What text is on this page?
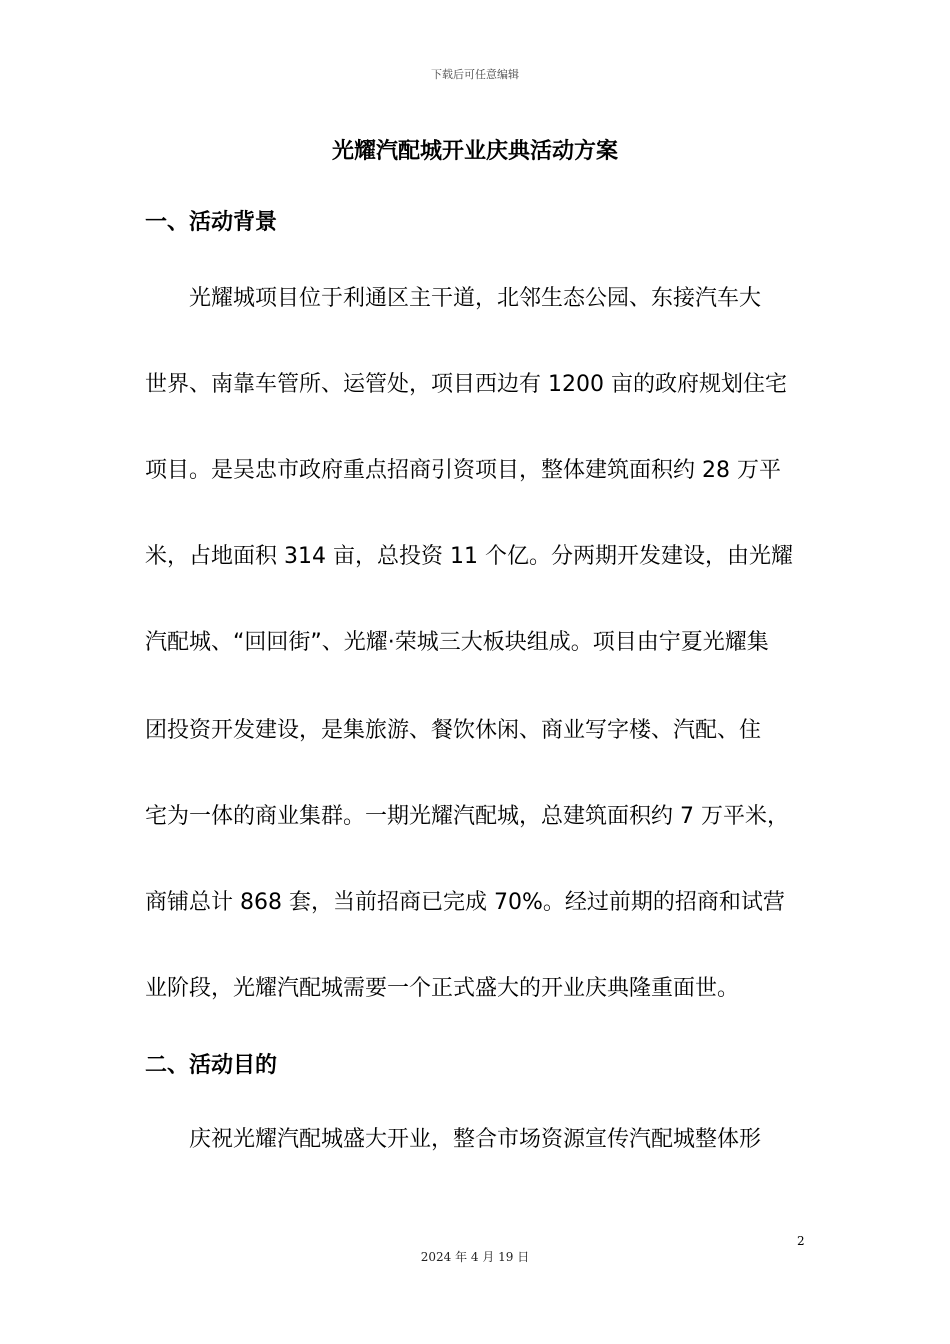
下载后可任意编辑
光耀汽配城开业庆典活动方案
一、活动背景

光耀城项目位于利通区主干道，北邻生态公园、东接汽车大

世界、南靠车管所、运管处，项目西边有 1200 亩的政府规划住宅

项目。是吴忠市政府重点招商引资项目，整体建筑面积约 28 万平

米，占地面积 314 亩，总投资 11 个亿。分两期开发建设，由光耀

汽配城、“回回街”、光耀·荣城三大板块组成。项目由宁夏光耀集

团投资开发建设，是集旅游、餐饮休闲、商业写字楼、汽配、住

宅为一体的商业集群。一期光耀汽配城，总建筑面积约 7 万平米，

商铺总计 868 套，当前招商已完成 70%。经过前期的招商和试营

业阶段，光耀汽配城需要一个正式盛大的开业庆典隆重面世。

二、活动目的

庆祝光耀汽配城盛大开业，整合市场资源宣传汽配城整体形

2
2024 年 4 月 19 日
